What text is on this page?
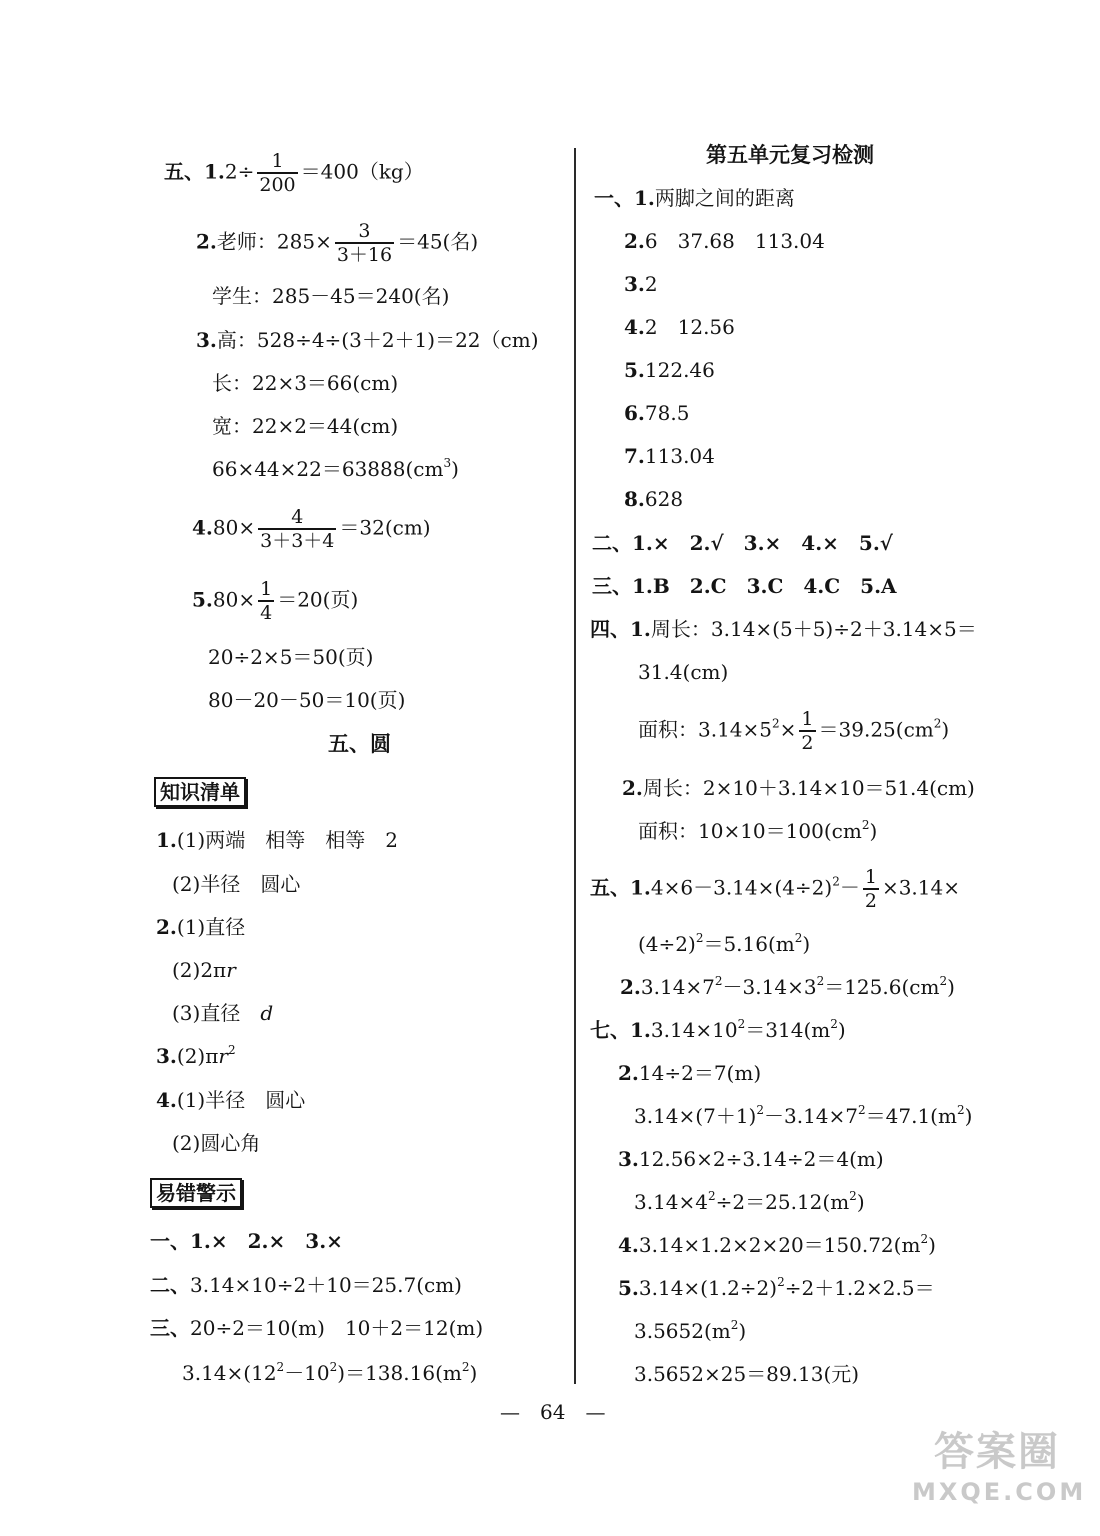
五、$1.2\div \frac{1}{200} =400(kg)$
2.老师：$285\times \frac{3}{3+16} =45$(名)
学生：285－45＝240(名)
3.高：528÷4÷(3＋2＋1)＝22（cm)
长：22×3＝66(cm)
宽：22×2＝44(cm)
$66\times 44\times 22=63888(cm^3)$
$4.80\times \frac{4}{3+3+4} =32(cm)$
$5.80\times \frac{1}{4} =20$(页)
20÷2×5＝50(页)
80－20－50＝10(页)
五、圆
知识清单
1.(1)两端　相等　相等　2
(2)半径　圆心
2.(1)直径
(2)2πr
(3)直径　d
$3.(2)\pi r^2$
4.(1)半径　圆心
(2)圆心角
易错警示
一、1.×　2.×　3.×
二、3.14×10÷2＋10＝25.7(cm)
三、20÷2＝10(m)　10＋2＝12(m)
$3.14\times(12^2-10^2)=138.16(m^2)$
第五单元复习检测
一、1.两脚之间的距离
2.6　37.68　113.04
3.2
4.2　12.56
5.122.46
6.78.5
7.113.04
8.628
二、1.×　2.√　3.×　4.×　5.√
三、1.B　2.C　3.C　4.C　5.A
四、1.周长：3.14×(5＋5)÷2＋3.14×5＝
31.4(cm)
面积：$3.14\times 5^2\times \frac{1}{2} =39.25(cm^2)$
2.周长：2×10＋3.14×10＝51.4(cm)
面积：$10\times 10=100(cm^2)$
五、$1.4\times 6-3.14\times(4\div 2)^2- \frac{1}{2} \times 3.14\times$
$(4\div 2)^2=5.16(m^2)$
$2.3.14\times 7^2-3.14\times 3^2=125.6(cm^2)$
七、$1.3.14\times 10^2=314(m^2)$
2.14÷2＝7(m)
$3.14\times(7+1)^2-3.14\times 7^2=47.1(m^2)$
3.12.56×2÷3.14÷2＝4(m)
$3.14\times 4^2\div 2=25.12(m^2)$
$4.3.14\times 1.2\times 2\times 20=150.72(m^2)$
$5.3.14\times(1.2\div 2)^2\div 2+1.2\times 2.5=$
$3.5652(m^2)$
3.5652×25＝89.13(元)
—　64　—
答案圈
MXQE.COM
